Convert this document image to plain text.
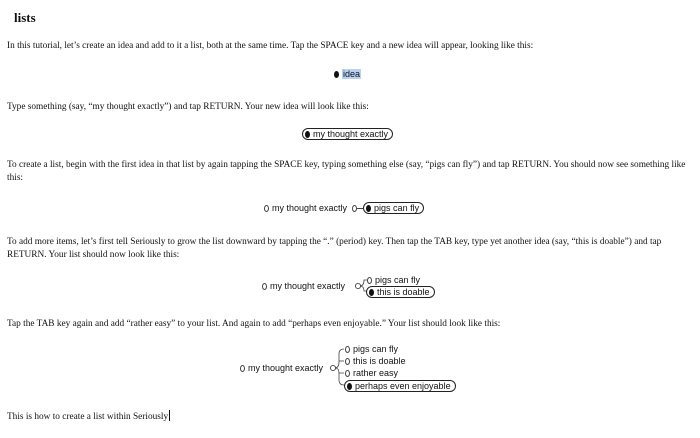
lists
In this tutorial, let’s create an idea and add to it a list, both at the same time. Tap the SPACE key and a new idea will appear, looking like this:
idea
Type something (say, “my thought exactly”) and tap RETURN. Your new idea will look like this:
my thought exactly
To create a list, begin with the first idea in that list by again tapping the SPACE key, typing something else (say, “pigs can fly”) and tap RETURN. You should now see something like this:
my thought exactly	pigs can fly
To add more items, let’s first tell Seriously to grow the list downward by tapping the “.” (period) key. Then tap the TAB key, type yet another idea (say, “this is doable”) and tap RETURN. Your list should now look like this:
my thought exactly
pigs can fly
this is doable
Tap the TAB key again and add “rather easy” to your list. And again to add “perhaps even enjoyable.” Your list should look like this:
my thought exactly
pigs can fly
this is doable
rather easy
perhaps even enjoyable
This is how to create a list within Seriously
